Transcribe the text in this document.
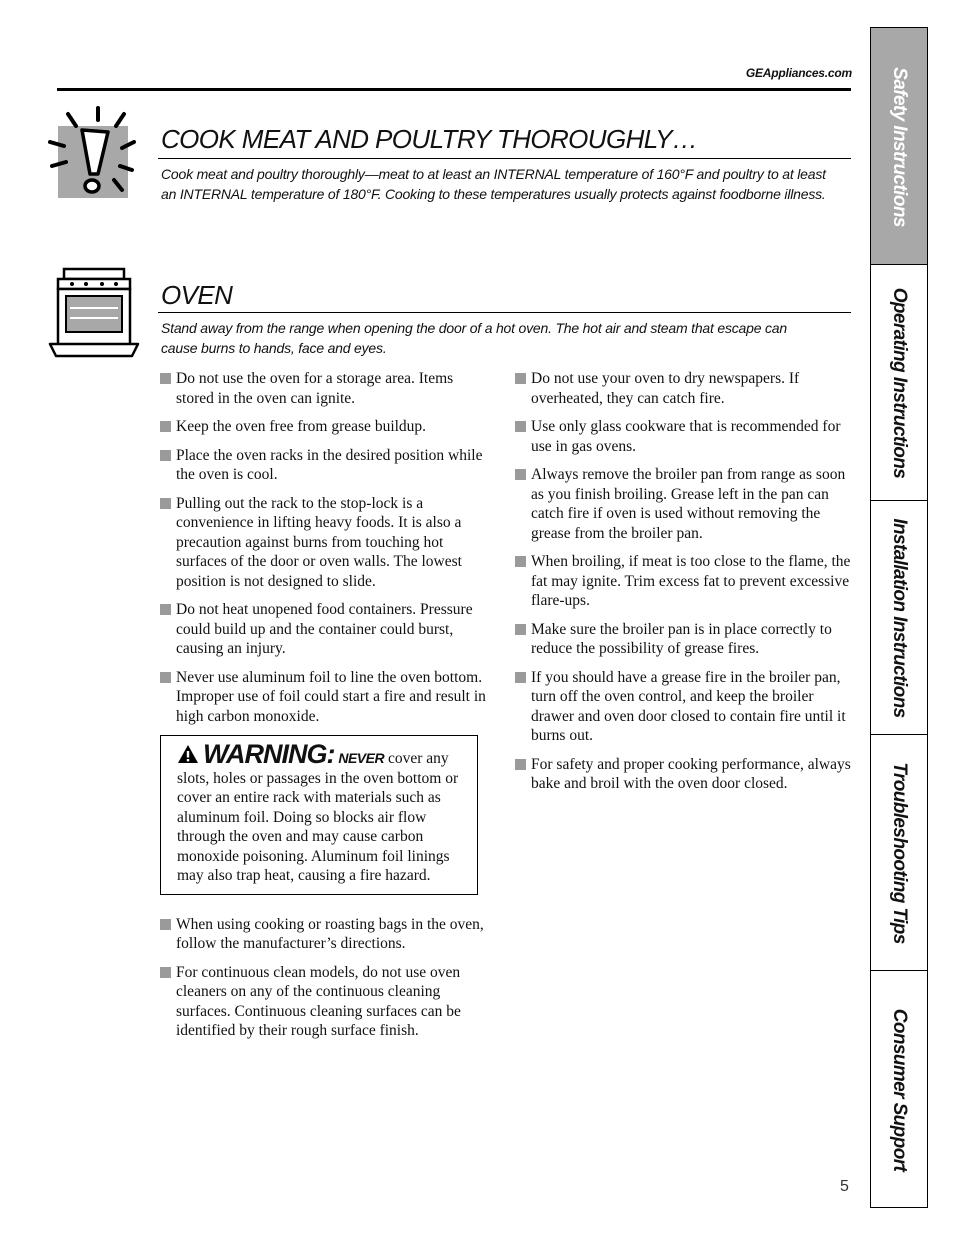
GEAppliances.com
COOK MEAT AND POULTRY THOROUGHLY…
Cook meat and poultry thoroughly—meat to at least an INTERNAL temperature of 160°F and poultry to at least an INTERNAL temperature of 180°F. Cooking to these temperatures usually protects against foodborne illness.
OVEN
Stand away from the range when opening the door of a hot oven. The hot air and steam that escape can cause burns to hands, face and eyes.
Do not use the oven for a storage area. Items stored in the oven can ignite.
Keep the oven free from grease buildup.
Place the oven racks in the desired position while the oven is cool.
Pulling out the rack to the stop-lock is a convenience in lifting heavy foods. It is also a precaution against burns from touching hot surfaces of the door or oven walls. The lowest position is not designed to slide.
Do not heat unopened food containers. Pressure could build up and the container could burst, causing an injury.
Never use aluminum foil to line the oven bottom. Improper use of foil could start a fire and result in high carbon monoxide.
WARNING: NEVER cover any slots, holes or passages in the oven bottom or cover an entire rack with materials such as aluminum foil. Doing so blocks air flow through the oven and may cause carbon monoxide poisoning. Aluminum foil linings may also trap heat, causing a fire hazard.
When using cooking or roasting bags in the oven, follow the manufacturer’s directions.
For continuous clean models, do not use oven cleaners on any of the continuous cleaning surfaces. Continuous cleaning surfaces can be identified by their rough surface finish.
Do not use your oven to dry newspapers. If overheated, they can catch fire.
Use only glass cookware that is recommended for use in gas ovens.
Always remove the broiler pan from range as soon as you finish broiling. Grease left in the pan can catch fire if oven is used without removing the grease from the broiler pan.
When broiling, if meat is too close to the flame, the fat may ignite. Trim excess fat to prevent excessive flare-ups.
Make sure the broiler pan is in place correctly to reduce the possibility of grease fires.
If you should have a grease fire in the broiler pan, turn off the oven control, and keep the broiler drawer and oven door closed to contain fire until it burns out.
For safety and proper cooking performance, always bake and broil with the oven door closed.
Safety Instructions
Operating Instructions
Installation Instructions
Troubleshooting Tips
Consumer Support
5
